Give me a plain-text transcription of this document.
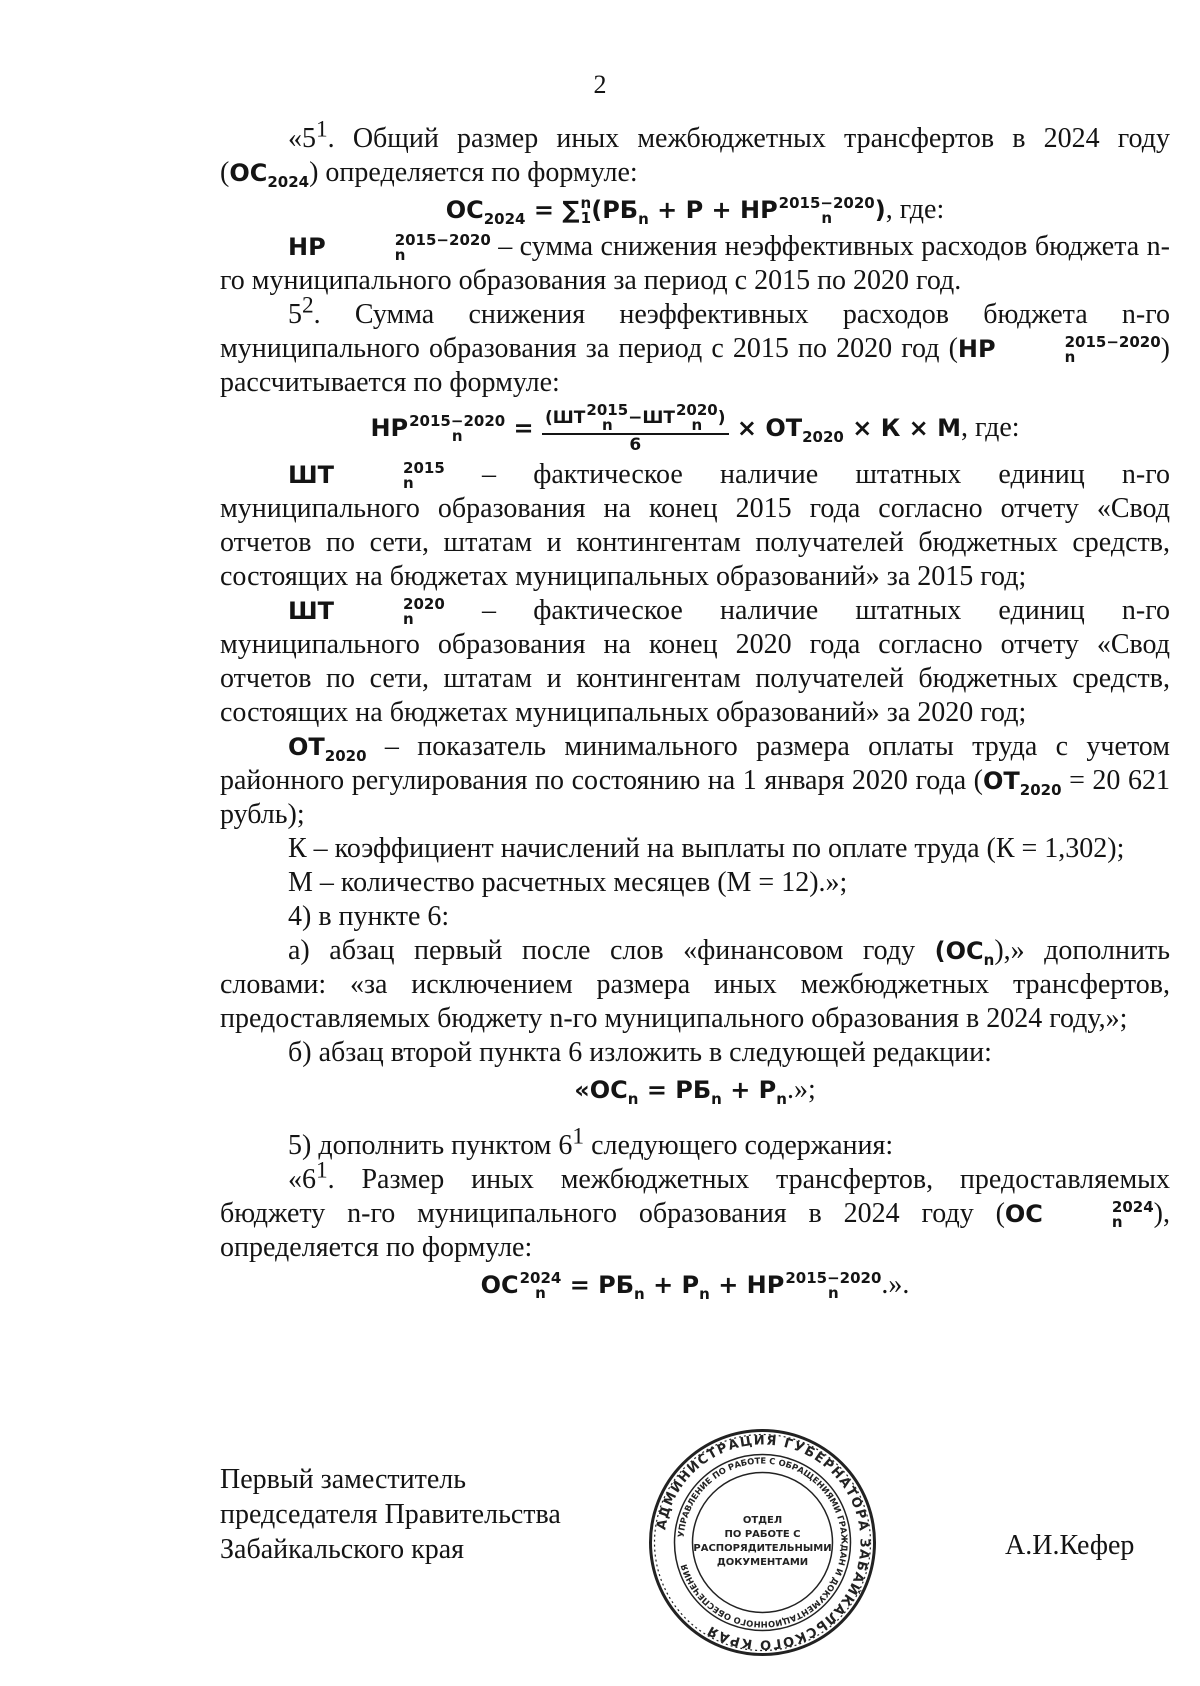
2

«$5^1$. Общий размер иных межбюджетных трансфертов в 2024 году $(ОС_{2024})$ определяется по формуле:

$ОС_{2024}$ = ∑ n
1 ($РБ_n + Р$ + НР 2015−2020
n	), где:

НР	2015−2020
n	– сумма снижения неэффективных расходов бюджета n-го муниципального образования за период с 2015 по 2020 год.

$5^2$. Сумма снижения неэффективных расходов бюджета n-го муниципального образования за период с 2015 по 2020 год (НР	2015−2020
n	) рассчитывается по формуле:

НР 2015−2020
n	= (ШТ 2015
n −ШТ 2020
n )
$6 \times ОТ_{2020} \times К \times М$, где:

ШТ	2015
n	– фактическое наличие штатных единиц n-го муниципального образования на конец 2015 года согласно отчету «Свод отчетов по сети, штатам и контингентам получателей бюджетных средств, состоящих на бюджетах муниципальных образований» за 2015 год;

ШТ	2020
n	– фактическое наличие штатных единиц n-го муниципального образования на конец 2020 года согласно отчету «Свод отчетов по сети, штатам и контингентам получателей бюджетных средств, состоящих на бюджетах муниципальных образований» за 2020 год;

$ОТ_{2020}$ – показатель минимального размера оплаты труда с учетом районного регулирования по состоянию на 1 января 2020 года ($ОТ_{2020} = 20$ 621 рубль);

К – коэффициент начислений на выплаты по оплате труда (К = 1,302);

М – количество расчетных месяцев (М = 12).»;

4) в пункте 6:

а) абзац первый после слов «финансовом году $(ОС_n)$,» дополнить словами: «за исключением размера иных межбюджетных трансфертов, предоставляемых бюджету n-го муниципального образования в 2024 году,»;

б) абзац второй пункта 6 изложить в следующей редакции:

«$ОС_n = РБ_n + Р_n$.»;

5) дополнить пунктом $6^1$ следующего содержания:

«$6^1$. Размер иных межбюджетных трансфертов, предоставляемых бюджету n-го муниципального образования в 2024 году (ОС	2024
n	), определяется по формуле:

ОС 2024
$n = РБ_n + Р_n$ + НР 2015−2020
n	.».
Первый заместитель
председателя Правительства
Забайкальского края
АДМИНИСТРАЦИЯ ГУБЕРНАТОРА ЗАБАЙКАЛЬСКОГО КРАЯ
УПРАВЛЕНИЕ ПО РАБОТЕ С ОБРАЩЕНИЯМИ ГРАЖДАН И ДОКУМЕНТАЦИОННОГО ОБЕСПЕЧЕНИЯ
ОТДЕЛ
ПО РАБОТЕ С
РАСПОРЯДИТЕЛЬНЫМИ
ДОКУМЕНТАМИ
А.И.Кефер
